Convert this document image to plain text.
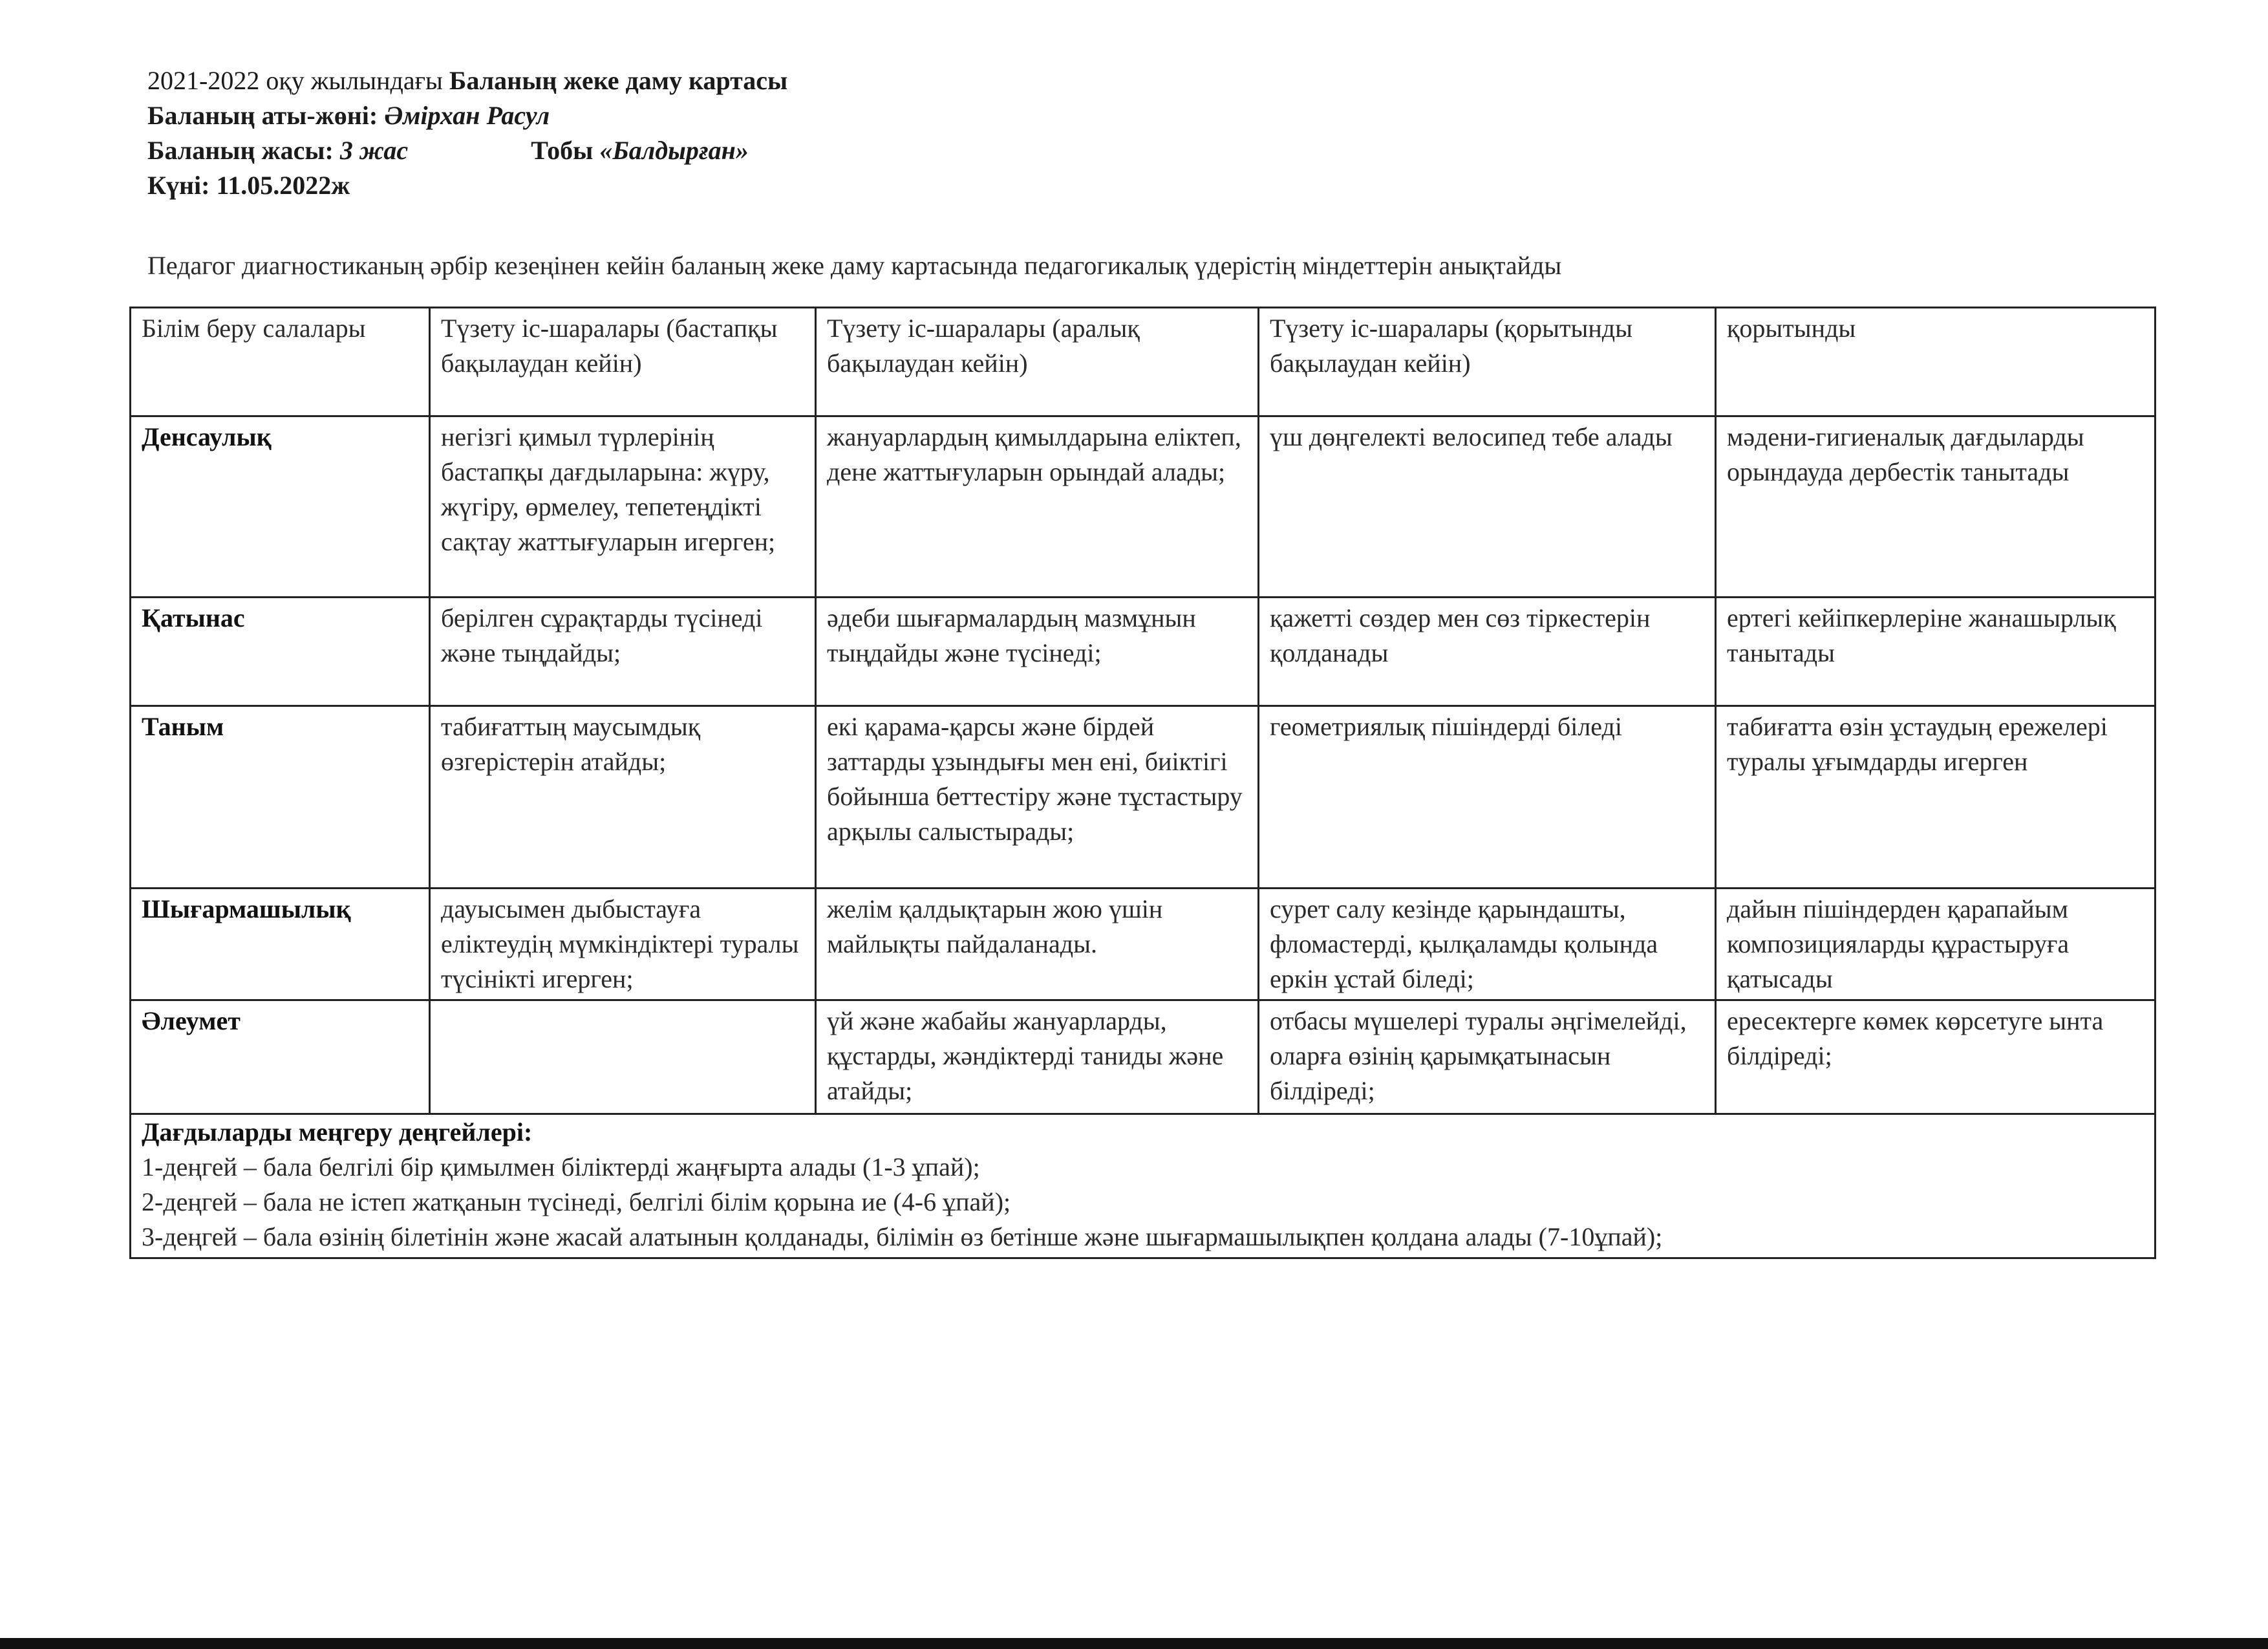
2021-2022 оқу жылындағы Баланың жеке даму картасы
Баланың аты-жөні: Әмірхан Расул
Баланың жасы: 3 жас	Тобы «Балдырған»
Күні: 11.05.2022ж
Педагог диагностиканың әрбір кезеңінен кейін баланың жеке даму картасында педагогикалық үдерістің міндеттерін анықтайды
Білім беру салалары	Түзету іс-шаралары (бастапқы бақылаудан кейін)	Түзету іс-шаралары (аралық бақылаудан кейін)	Түзету іс-шаралары (қорытынды бақылаудан кейін)	қорытынды
Денсаулық	негізгі қимыл түрлерінің бастапқы дағдыларына: жүру, жүгіру, өрмелеу, тепетеңдікті сақтау жаттығуларын игерген;	жануарлардың қимылдарына еліктеп, дене жаттығуларын орындай алады;	үш дөңгелекті велосипед тебе алады	мәдени-гигиеналық дағдыларды орындауда дербестік танытады
Қатынас	берілген сұрақтарды түсінеді және тыңдайды;	әдеби шығармалардың мазмұнын тыңдайды және түсінеді;	қажетті сөздер мен сөз тіркестерін қолданады	ертегі кейіпкерлеріне жанашырлық танытады
Таным	табиғаттың маусымдық өзгерістерін атайды;	екі қарама-қарсы және бірдей заттарды ұзындығы мен ені, биіктігі бойынша беттестіру және тұстастыру арқылы салыстырады;	геометриялық пішіндерді біледі	табиғатта өзін ұстаудың ережелері туралы ұғымдарды игерген
Шығармашылық	дауысымен дыбыстауға еліктеудің мүмкіндіктері туралы түсінікті игерген;	желім қалдықтарын жою үшін майлықты пайдаланады.	сурет салу кезінде қарындашты, фломастерді, қылқаламды қолында еркін ұстай біледі;	дайын пішіндерден қарапайым композицияларды құрастыруға қатысады
Әлеумет		үй және жабайы жануарларды, құстарды, жәндіктерді таниды және атайды;	отбасы мүшелері туралы әңгімелейді, оларға өзінің қарымқатынасын білдіреді;	ересектерге көмек көрсетуге ынта білдіреді;

Дағдыларды меңгеру деңгейлері:
1-деңгей – бала белгілі бір қимылмен біліктерді жаңғырта алады (1-3 ұпай);
2-деңгей – бала не істеп жатқанын түсінеді, белгілі білім қорына ие (4-6 ұпай);
3-деңгей – бала өзінің білетінін және жасай алатынын қолданады, білімін өз бетінше және шығармашылықпен қолдана алады (7-10ұпай);				
